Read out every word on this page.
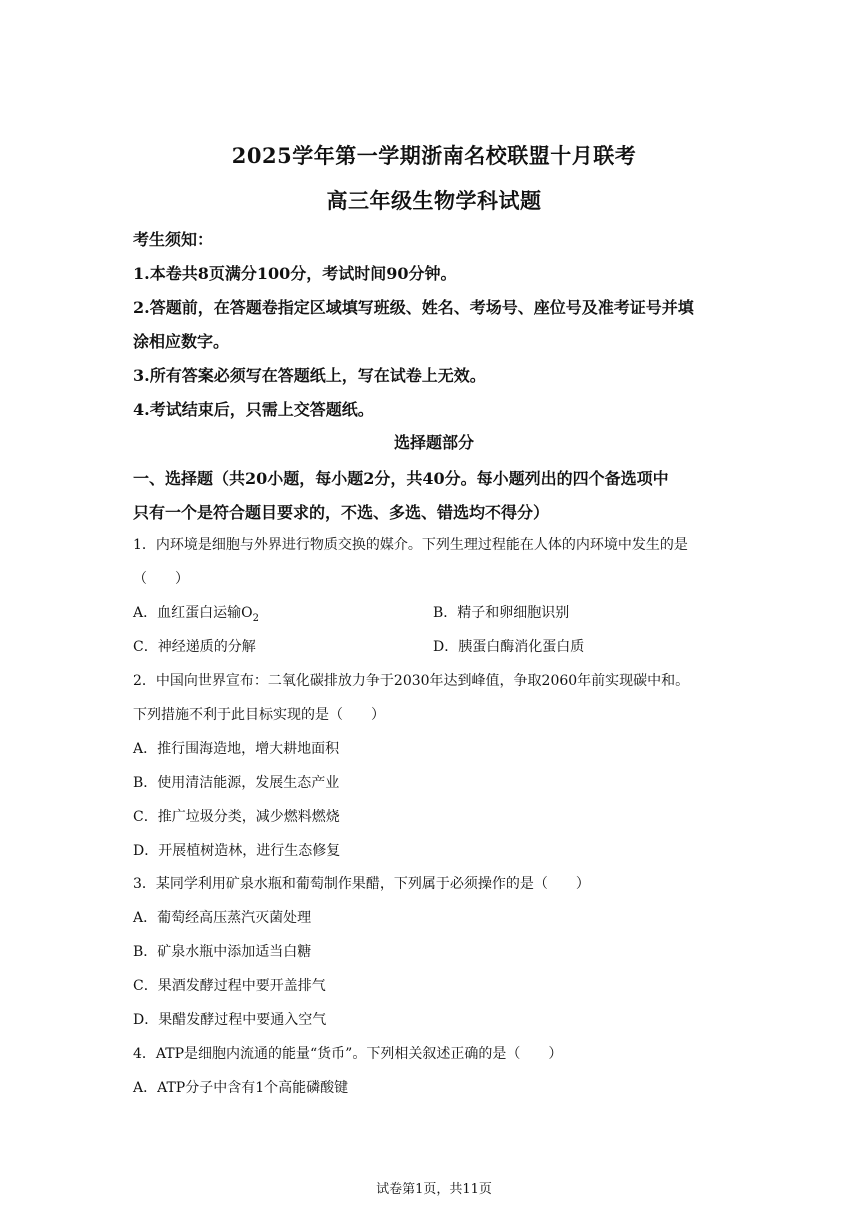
2025学年第一学期浙南名校联盟十月联考
高三年级生物学科试题
考生须知：
1.本卷共8页满分100分，考试时间90分钟。
2.答题前，在答题卷指定区域填写班级、姓名、考场号、座位号及准考证号并填
涂相应数字。
3.所有答案必须写在答题纸上，写在试卷上无效。
4.考试结束后，只需上交答题纸。
选择题部分
一、选择题（共20小题，每小题2分，共40分。每小题列出的四个备选项中
只有一个是符合题目要求的，不选、多选、错选均不得分）
1．内环境是细胞与外界进行物质交换的媒介。下列生理过程能在人体的内环境中发生的是
（　　）
A．血红蛋白运输$O_2$	B．精子和卵细胞识别
C．神经递质的分解	D．胰蛋白酶消化蛋白质
2．中国向世界宣布：二氧化碳排放力争于2030年达到峰值，争取2060年前实现碳中和。
下列措施不利于此目标实现的是（　　）
A．推行围海造地，增大耕地面积
B．使用清洁能源，发展生态产业
C．推广垃圾分类，减少燃料燃烧
D．开展植树造林，进行生态修复
3．某同学利用矿泉水瓶和葡萄制作果醋，下列属于必须操作的是（　　）
A．葡萄经高压蒸汽灭菌处理
B．矿泉水瓶中添加适当白糖
C．果酒发酵过程中要开盖排气
D．果醋发酵过程中要通入空气
4．ATP是细胞内流通的能量“货币”。下列相关叙述正确的是（　　）
A．ATP分子中含有1个高能磷酸键
试卷第1页，共11页
